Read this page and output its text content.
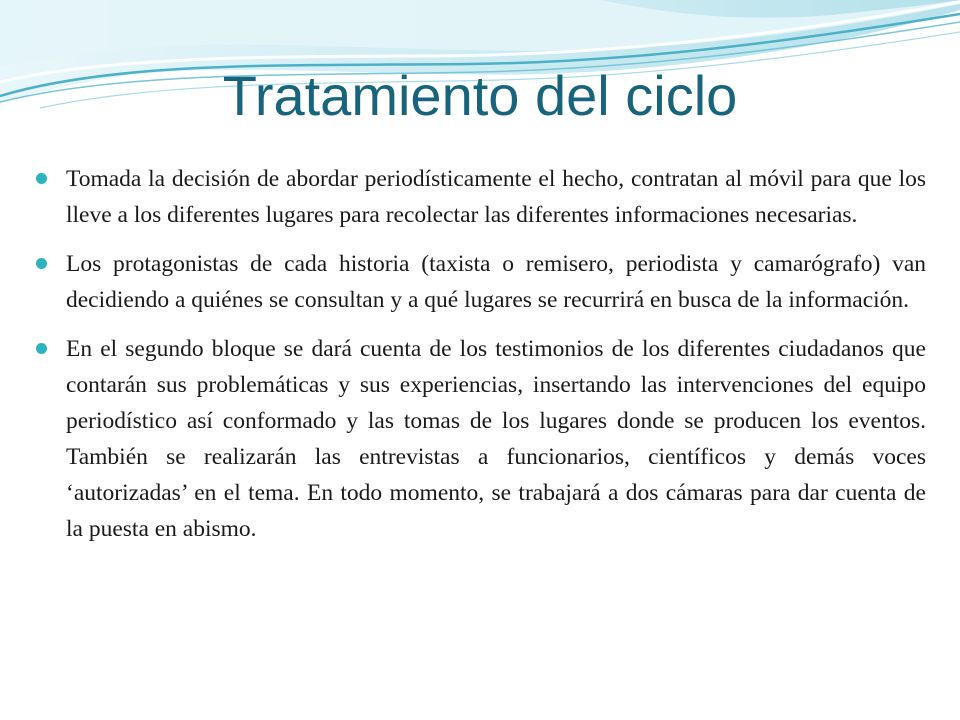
Tratamiento del ciclo
Tomada la decisión de abordar periodísticamente el hecho, contratan al móvil para que los lleve a los diferentes lugares para recolectar las diferentes informaciones necesarias.
Los protagonistas de cada historia (taxista o remisero, periodista y camarógrafo) van decidiendo a quiénes se consultan y a qué lugares se recurrirá en busca de la información.
En el segundo bloque se dará cuenta de los testimonios de los diferentes ciudadanos que contarán sus problemáticas y sus experiencias, insertando las intervenciones del equipo periodístico así conformado y las tomas de los lugares donde se producen los eventos. También se realizarán las entrevistas a funcionarios, científicos y demás voces ‘autorizadas’ en el tema. En todo momento, se trabajará a dos cámaras para dar cuenta de la puesta en abismo.
